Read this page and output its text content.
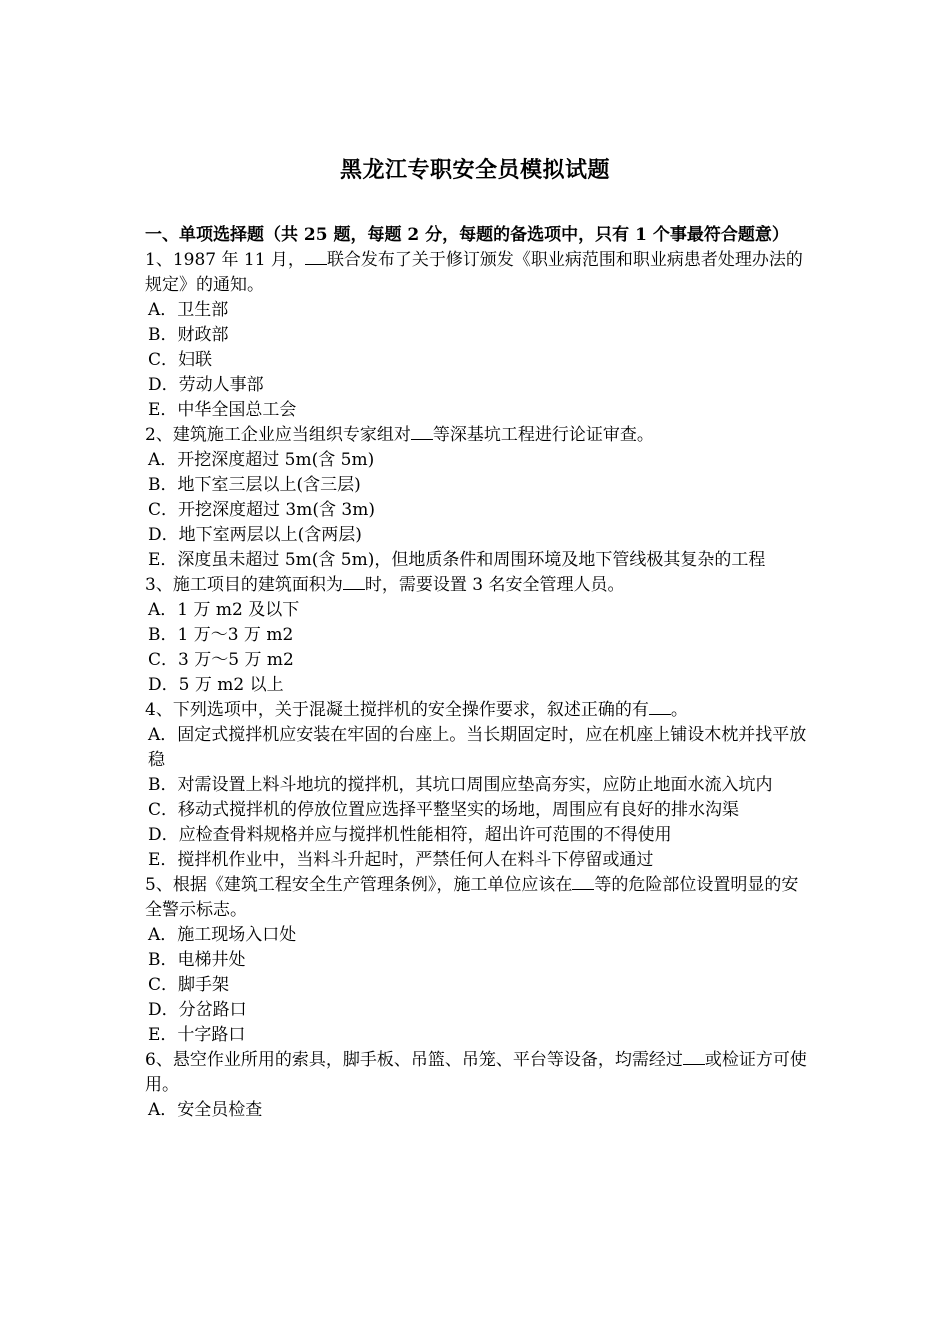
黑龙江专职安全员模拟试题

一、单项选择题（共 25 题，每题 2 分，每题的备选项中，只有 1 个事最符合题意）

1、1987 年 11 月， 联合发布了关于修订颁发《职业病范围和职业病患者处理办法的规定》的通知。

A．卫生部

B．财政部

C．妇联

D．劳动人事部

E．中华全国总工会

2、建筑施工企业应当组织专家组对 等深基坑工程进行论证审查。

A．开挖深度超过 5m(含 5m)

B．地下室三层以上(含三层)

C．开挖深度超过 3m(含 3m)

D．地下室两层以上(含两层)

E．深度虽未超过 5m(含 5m)，但地质条件和周围环境及地下管线极其复杂的工程

3、施工项目的建筑面积为 时，需要设置 3 名安全管理人员。

A．1 万 m2 及以下

B．1 万～3 万 m2

C．3 万～5 万 m2

D．5 万 m2 以上

4、下列选项中，关于混凝土搅拌机的安全操作要求，叙述正确的有 。

A．固定式搅拌机应安装在牢固的台座上。当长期固定时，应在机座上铺设木枕并找平放稳

B．对需设置上料斗地坑的搅拌机，其坑口周围应垫高夯实，应防止地面水流入坑内

C．移动式搅拌机的停放位置应选择平整坚实的场地，周围应有良好的排水沟渠

D．应检查骨料规格并应与搅拌机性能相符，超出许可范围的不得使用

E．搅拌机作业中，当料斗升起时，严禁任何人在料斗下停留或通过

5、根据《建筑工程安全生产管理条例》，施工单位应该在 等的危险部位设置明显的安全警示标志。

A．施工现场入口处

B．电梯井处

C．脚手架

D．分岔路口

E．十字路口

6、悬空作业所用的索具，脚手板、吊篮、吊笼、平台等设备，均需经过 或检证方可使用。

A．安全员检查
